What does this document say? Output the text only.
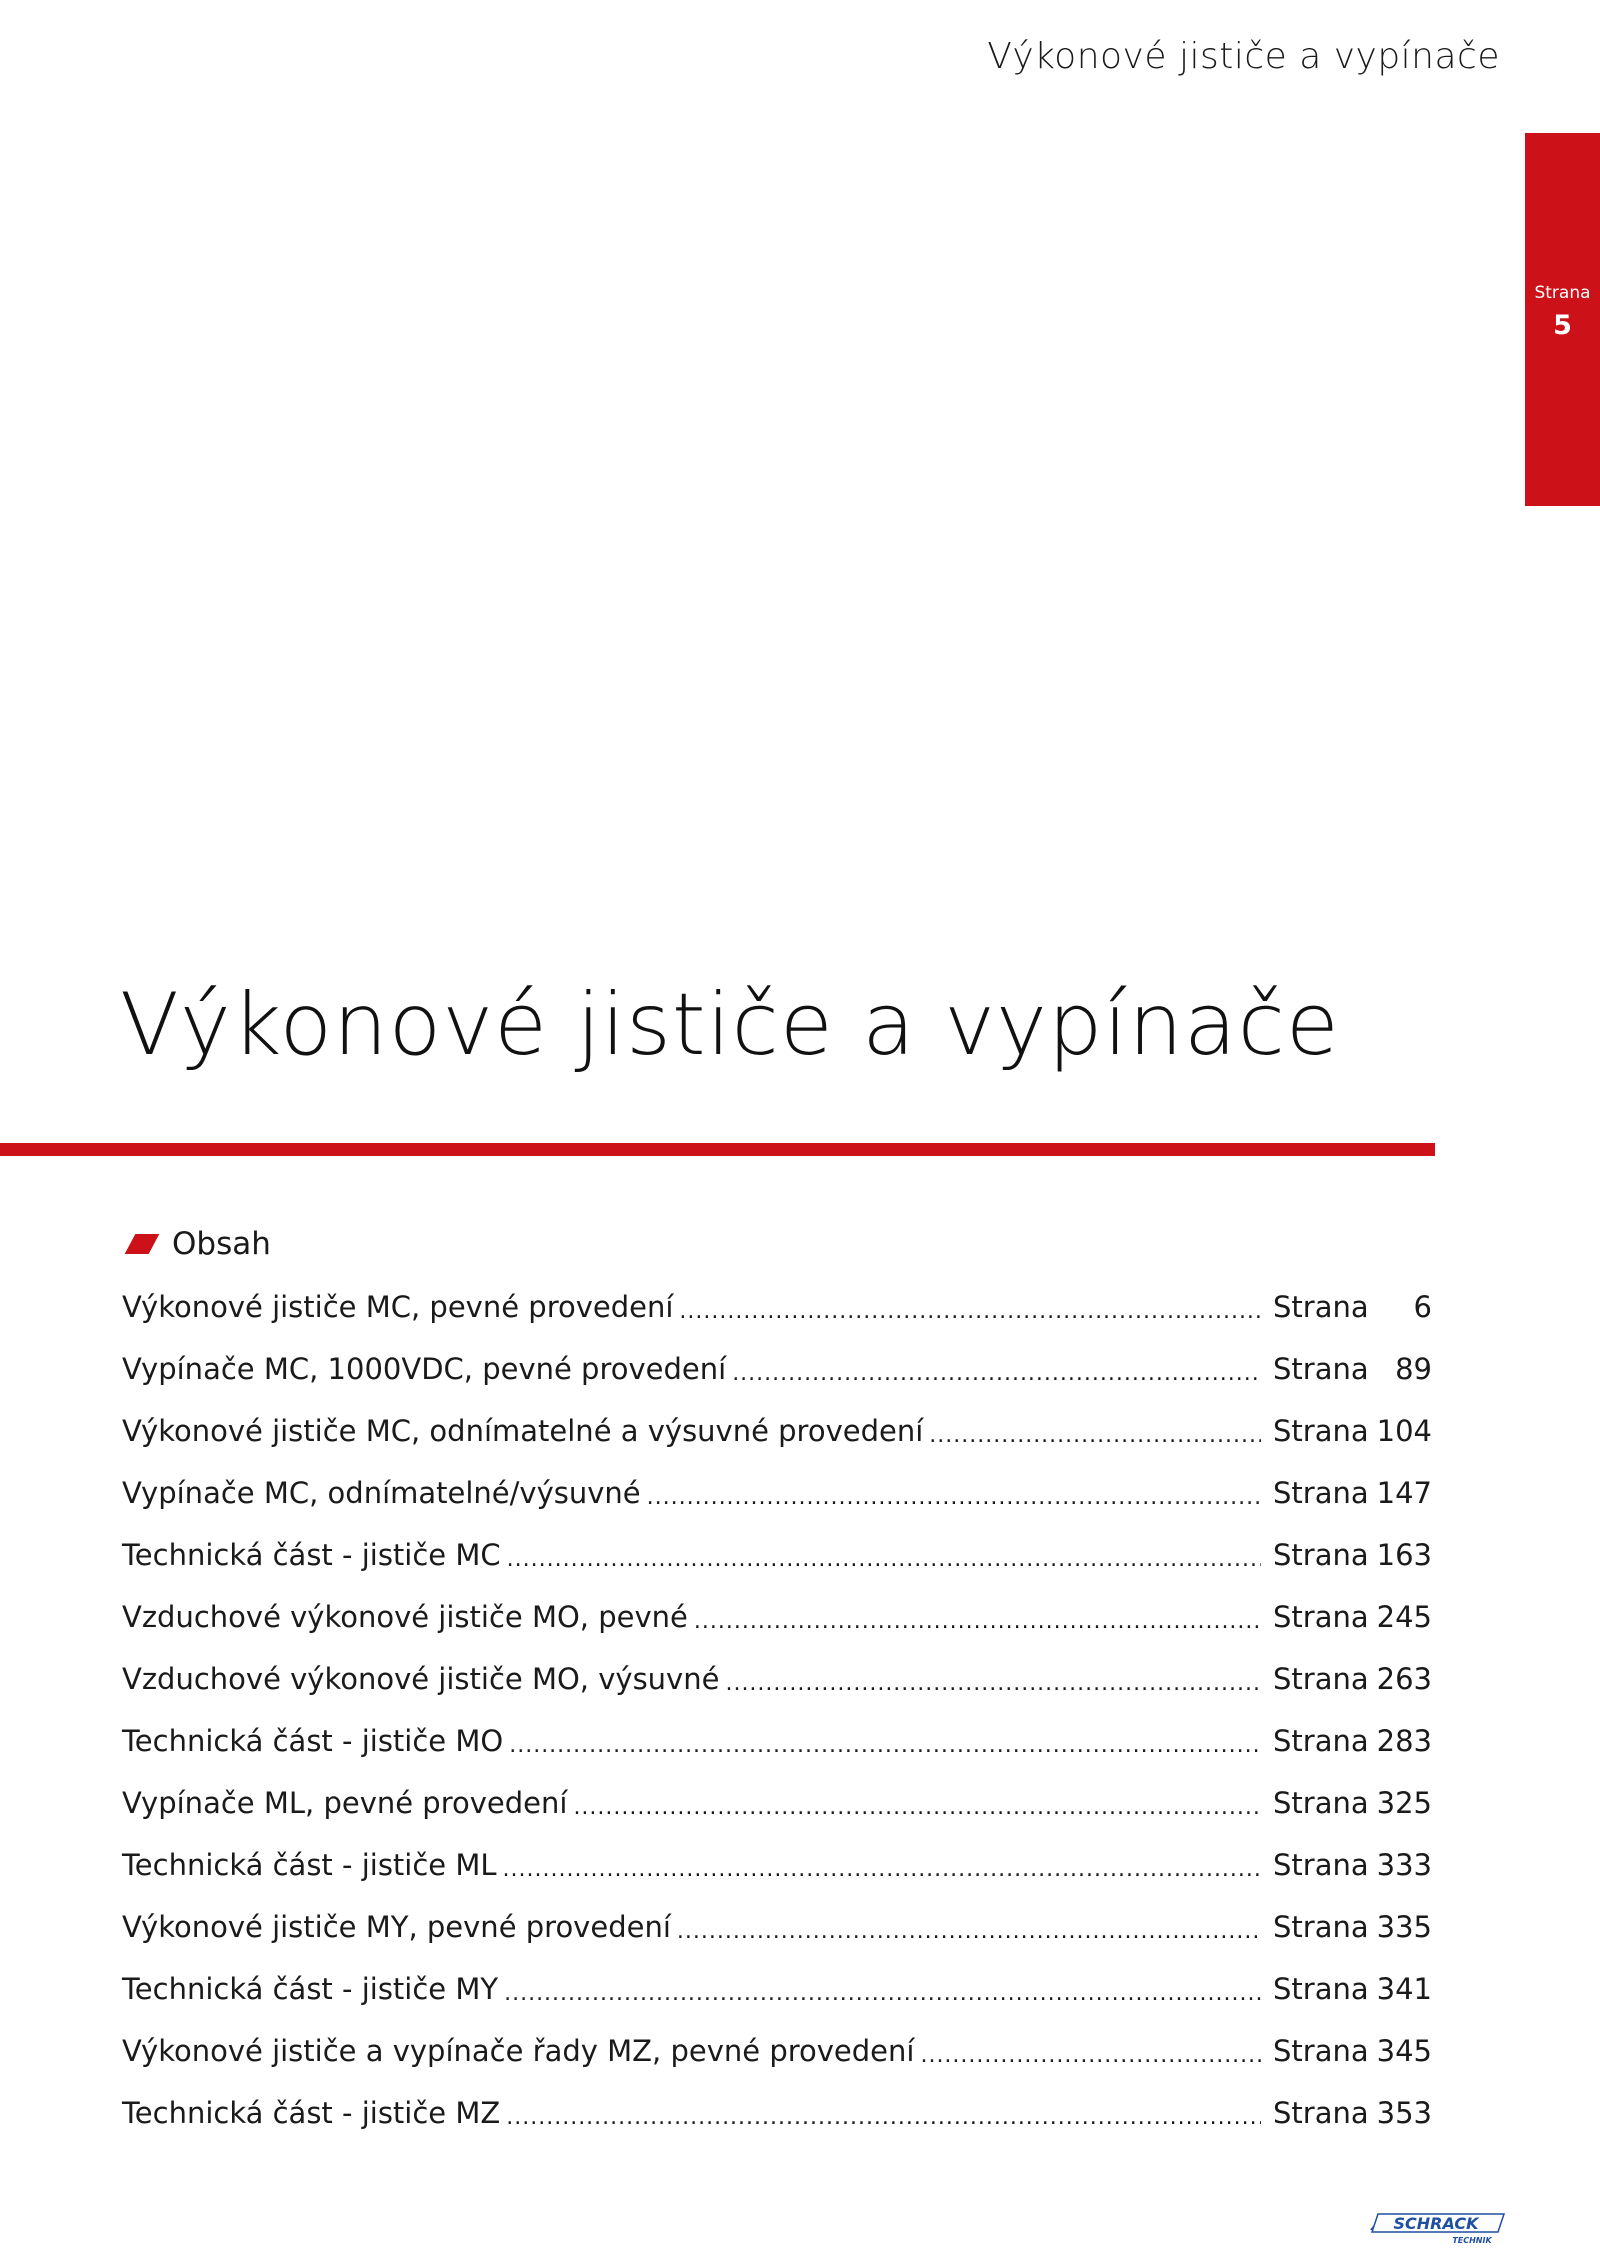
Výkonové jističe a vypínače
Strana
5
Výkonové jističe a vypínače
Obsah
Výkonové jističe MC, pevné provedení .....	Strana	6
Vypínače MC, 1000VDC, pevné provedení .....	Strana 89
Výkonové jističe MC, odnímatelné a výsuvné provedení .....	Strana 104
Vypínače MC, odnímatelné/výsuvné .....	Strana 147
Technická část - jističe MC .....	Strana 163
Vzduchové výkonové jističe MO, pevné .....	Strana 245
Vzduchové výkonové jističe MO, výsuvné .....	Strana 263
Technická část - jističe MO .....	Strana 283
Vypínače ML, pevné provedení .....	Strana 325
Technická část - jističe ML .....	Strana 333
Výkonové jističe MY, pevné provedení .....	Strana 335
Technická část - jističe MY .....	Strana 341
Výkonové jističe a vypínače řady MZ, pevné provedení .....	Strana 345
Technická část - jističe MZ .....	Strana 353
SCHRACK
TECHNIK
